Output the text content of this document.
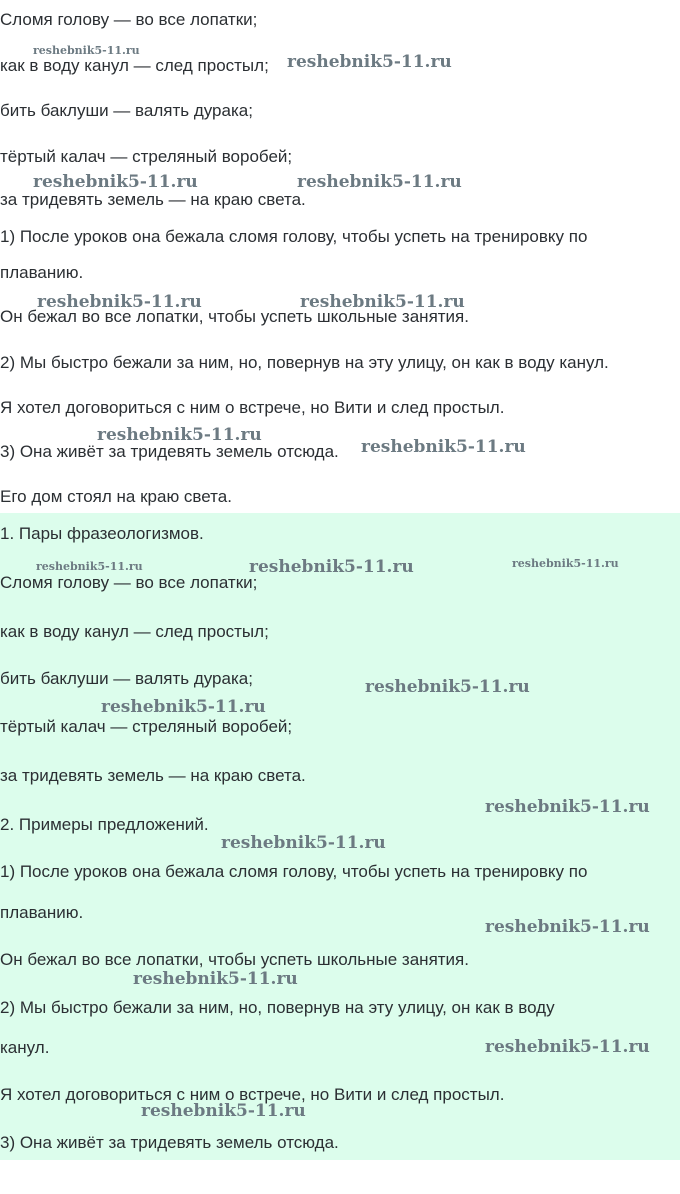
Сломя голову — во все лопатки;
как в воду канул — след простыл;
бить баклуши — валять дурака;
тёртый калач — стреляный воробей;
за тридевять земель — на краю света.
1) После уроков она бежала сломя голову, чтобы успеть на тренировку по
плаванию.
Он бежал во все лопатки, чтобы успеть школьные занятия.
2) Мы быстро бежали за ним, но, повернув на эту улицу, он как в воду канул.
Я хотел договориться с ним о встрече, но Вити и след простыл.
3) Она живёт за тридевять земель отсюда.
Его дом стоял на краю света.
1. Пары фразеологизмов.
Сломя голову — во все лопатки;
как в воду канул — след простыл;
бить баклуши — валять дурака;
тёртый калач — стреляный воробей;
за тридевять земель — на краю света.
2. Примеры предложений.
1) После уроков она бежала сломя голову, чтобы успеть на тренировку по
плаванию.
Он бежал во все лопатки, чтобы успеть школьные занятия.
2) Мы быстро бежали за ним, но, повернув на эту улицу, он как в воду
канул.
Я хотел договориться с ним о встрече, но Вити и след простыл.
3) Она живёт за тридевять земель отсюда.
reshebnik5-11.ru
reshebnik5-11.ru
reshebnik5-11.ru	reshebnik5-11.ru
reshebnik5-11.ru	reshebnik5-11.ru
reshebnik5-11.ru
reshebnik5-11.ru
reshebnik5-11.ru	reshebnik5-11.ru	reshebnik5-11.ru
reshebnik5-11.ru
reshebnik5-11.ru
reshebnik5-11.ru
reshebnik5-11.ru
reshebnik5-11.ru
reshebnik5-11.ru
reshebnik5-11.ru
reshebnik5-11.ru
